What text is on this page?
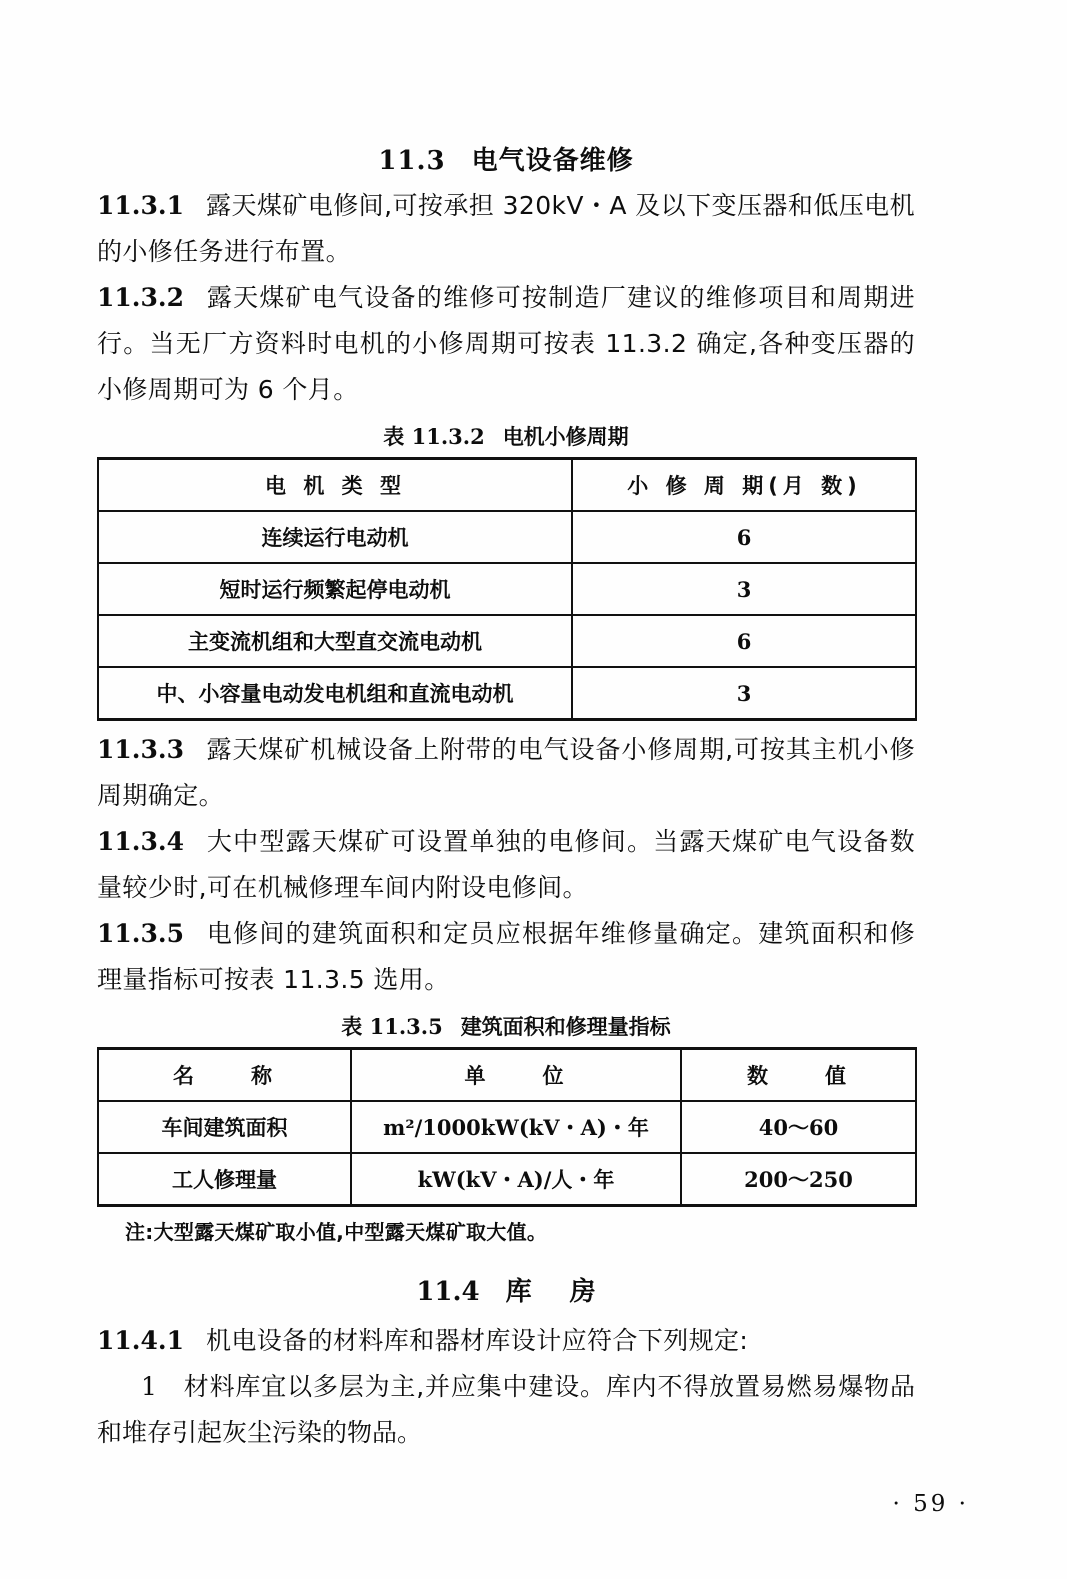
11.3 电气设备维修

11.3.1 露天煤矿电修间,可按承担 320kV・A 及以下变压器和低压电机的小修任务进行布置。

11.3.2 露天煤矿电气设备的维修可按制造厂建议的维修项目和周期进行。当无厂方资料时电机的小修周期可按表 11.3.2 确定,各种变压器的小修周期可为 6 个月。

表 11.3.2 电机小修周期
电 机 类 型	小 修 周 期(月 数)
连续运行电动机	6
短时运行频繁起停电动机	3
主变流机组和大型直交流电动机	6
中、小容量电动发电机组和直流电动机	3

11.3.3 露天煤矿机械设备上附带的电气设备小修周期,可按其主机小修周期确定。

11.3.4 大中型露天煤矿可设置单独的电修间。当露天煤矿电气设备数量较少时,可在机械修理车间内附设电修间。

11.3.5 电修间的建筑面积和定员应根据年维修量确定。建筑面积和修理量指标可按表 11.3.5 选用。

表 11.3.5 建筑面积和修理量指标
名　　称	单　　位	数　　值
车间建筑面积	m²/1000kW(kV・A)・年	40～60
工人修理量	kW(kV・A)/人・年	200～250
注:大型露天煤矿取小值,中型露天煤矿取大值。
11.4 库 房

11.4.1 机电设备的材料库和器材库设计应符合下列规定:

1 材料库宜以多层为主,并应集中建设。库内不得放置易燃易爆物品和堆存引起灰尘污染的物品。

· 59 ·
